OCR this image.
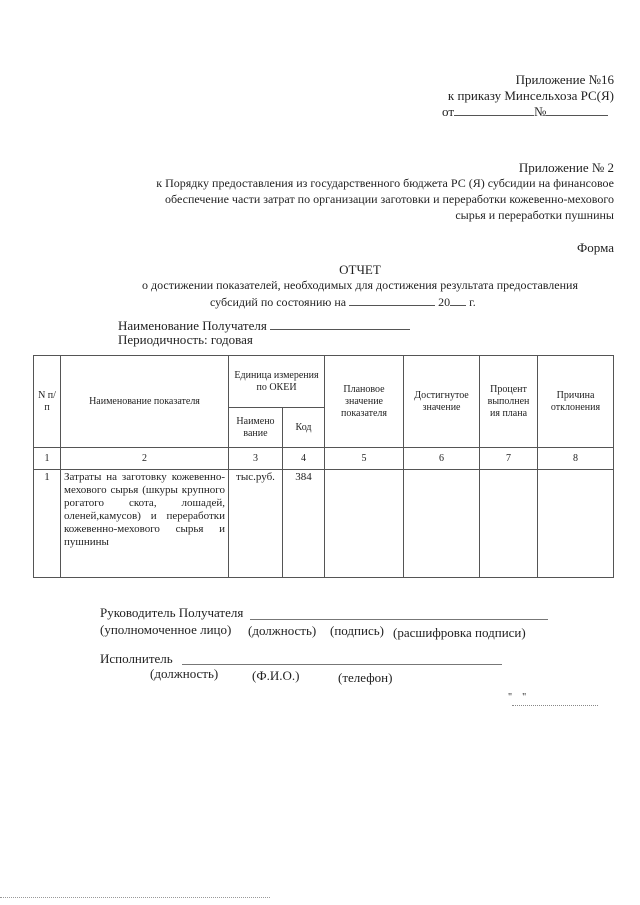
Приложение №16
к приказу Минсельхоза РС(Я)
от	№
Приложение № 2
к Порядку предоставления из государственного бюджета РС (Я) субсидии на финансовое
обеспечение части затрат по организации заготовки и переработки кожевенно-мехового
сырья и переработки пушнины
Форма
ОТЧЕТ
о достижении показателей, необходимых для достижения результата предоставления
субсидий по состоянию на	20 г.
Наименование Получателя
Периодичность: годовая
N п/п	Наименование показателя	Единица измерения по ОКЕИ		Плановое значение показателя	Достигнутое значение	Процент выполнен ия плана	Причина отклонения
		Наимено вание	Код				
1	2	3	4	5	6	7	8
1	Затраты на заготовку кожевенно-мехового сырья (шкуры крупного рогатого скота, лошадей, оленей,камусов) и переработки кожевенно-мехового сырья и пушнины	тыс.руб.	384				
Руководитель Получателя
(уполномоченное лицо)	(должность)	(подпись) (расшифровка подписи)
Исполнитель
(должность)	(Ф.И.О.)	(телефон)
"    "
